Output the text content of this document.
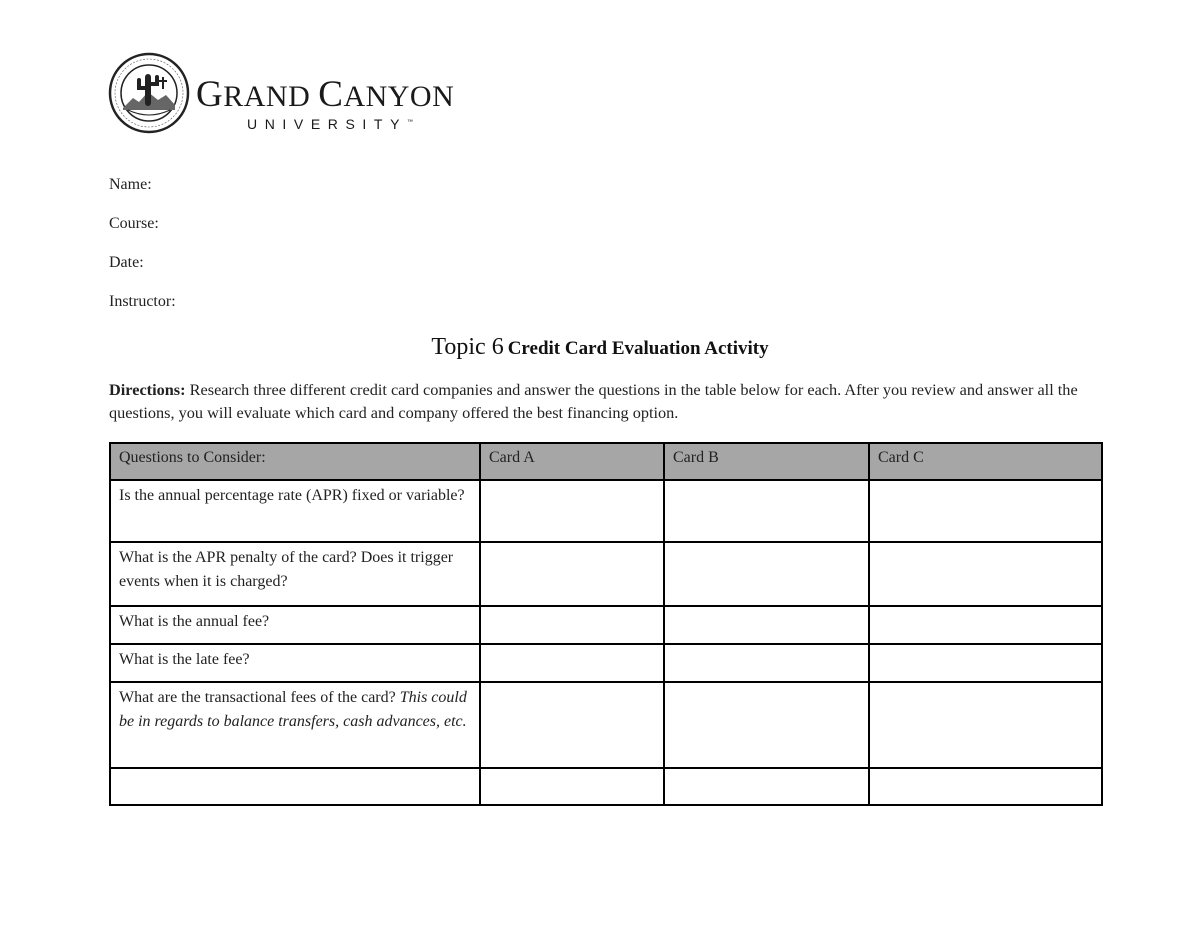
GRAND CANYON
UNIVERSITY™
Name:
Course:
Date:
Instructor:
Topic 6 Credit Card Evaluation Activity
Directions: Research three different credit card companies and answer the questions in the table below for each. After you review and answer all the questions, you will evaluate which card and company offered the best financing option.
Questions to Consider:	Card A	Card B	Card C
Is the annual percentage rate (APR) fixed or variable?			
What is the APR penalty of the card? Does it trigger events when it is charged?			
What is the annual fee?			
What is the late fee?			
What are the transactional fees of the card? This could be in regards to balance transfers, cash advances, etc.			
